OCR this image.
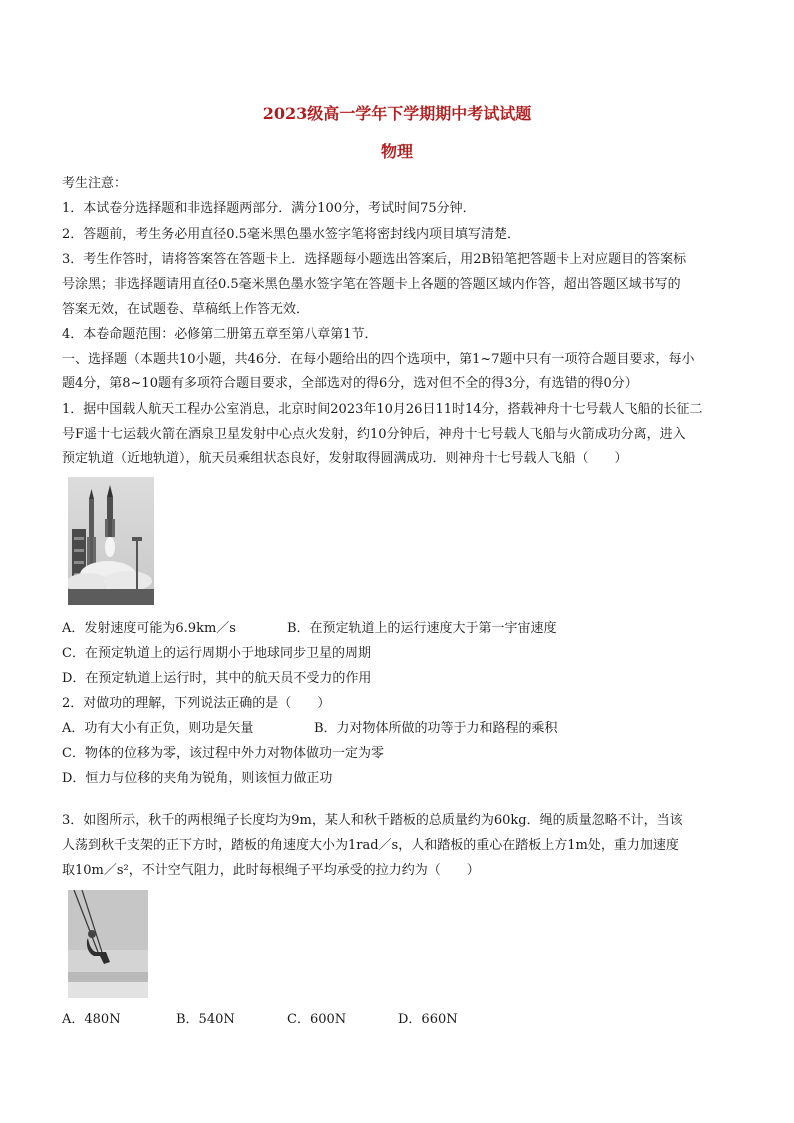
2023级高一学年下学期期中考试试题
物理
考生注意：
1．本试卷分选择题和非选择题两部分．满分100分，考试时间75分钟．
2．答题前，考生务必用直径0.5毫米黑色墨水签字笔将密封线内项目填写清楚．
3．考生作答时，请将答案答在答题卡上．选择题每小题选出答案后，用2B铅笔把答题卡上对应题目的答案标
号涂黑；非选择题请用直径0.5毫米黑色墨水签字笔在答题卡上各题的答题区域内作答，超出答题区域书写的
答案无效，在试题卷、草稿纸上作答无效．
4．本卷命题范围：必修第二册第五章至第八章第1节．
一、选择题（本题共10小题，共46分．在每小题给出的四个选项中，第1~7题中只有一项符合题目要求，每小
题4分，第8~10题有多项符合题目要求，全部选对的得6分，选对但不全的得3分，有选错的得0分）
1．据中国载人航天工程办公室消息，北京时间2023年10月26日11时14分，搭载神舟十七号载人飞船的长征二
号F遥十七运载火箭在酒泉卫星发射中心点火发射，约10分钟后，神舟十七号载人飞船与火箭成功分离，进入
预定轨道（近地轨道），航天员乘组状态良好，发射取得圆满成功．则神舟十七号载人飞船（　　）
A．发射速度可能为6.9km／s	B．在预定轨道上的运行速度大于第一宇宙速度
C．在预定轨道上的运行周期小于地球同步卫星的周期
D．在预定轨道上运行时，其中的航天员不受力的作用
2．对做功的理解，下列说法正确的是（　　）
A．功有大小有正负，则功是矢量	B．力对物体所做的功等于力和路程的乘积
C．物体的位移为零，该过程中外力对物体做功一定为零
D．恒力与位移的夹角为锐角，则该恒力做正功
3．如图所示，秋千的两根绳子长度均为9m，某人和秋千踏板的总质量约为60kg．绳的质量忽略不计，当该
人荡到秋千支架的正下方时，踏板的角速度大小为1rad／s，人和踏板的重心在踏板上方1m处，重力加速度
取10m／s²，不计空气阻力，此时每根绳子平均承受的拉力约为（　　）
A．480N	B．540N	C．600N	D．660N
